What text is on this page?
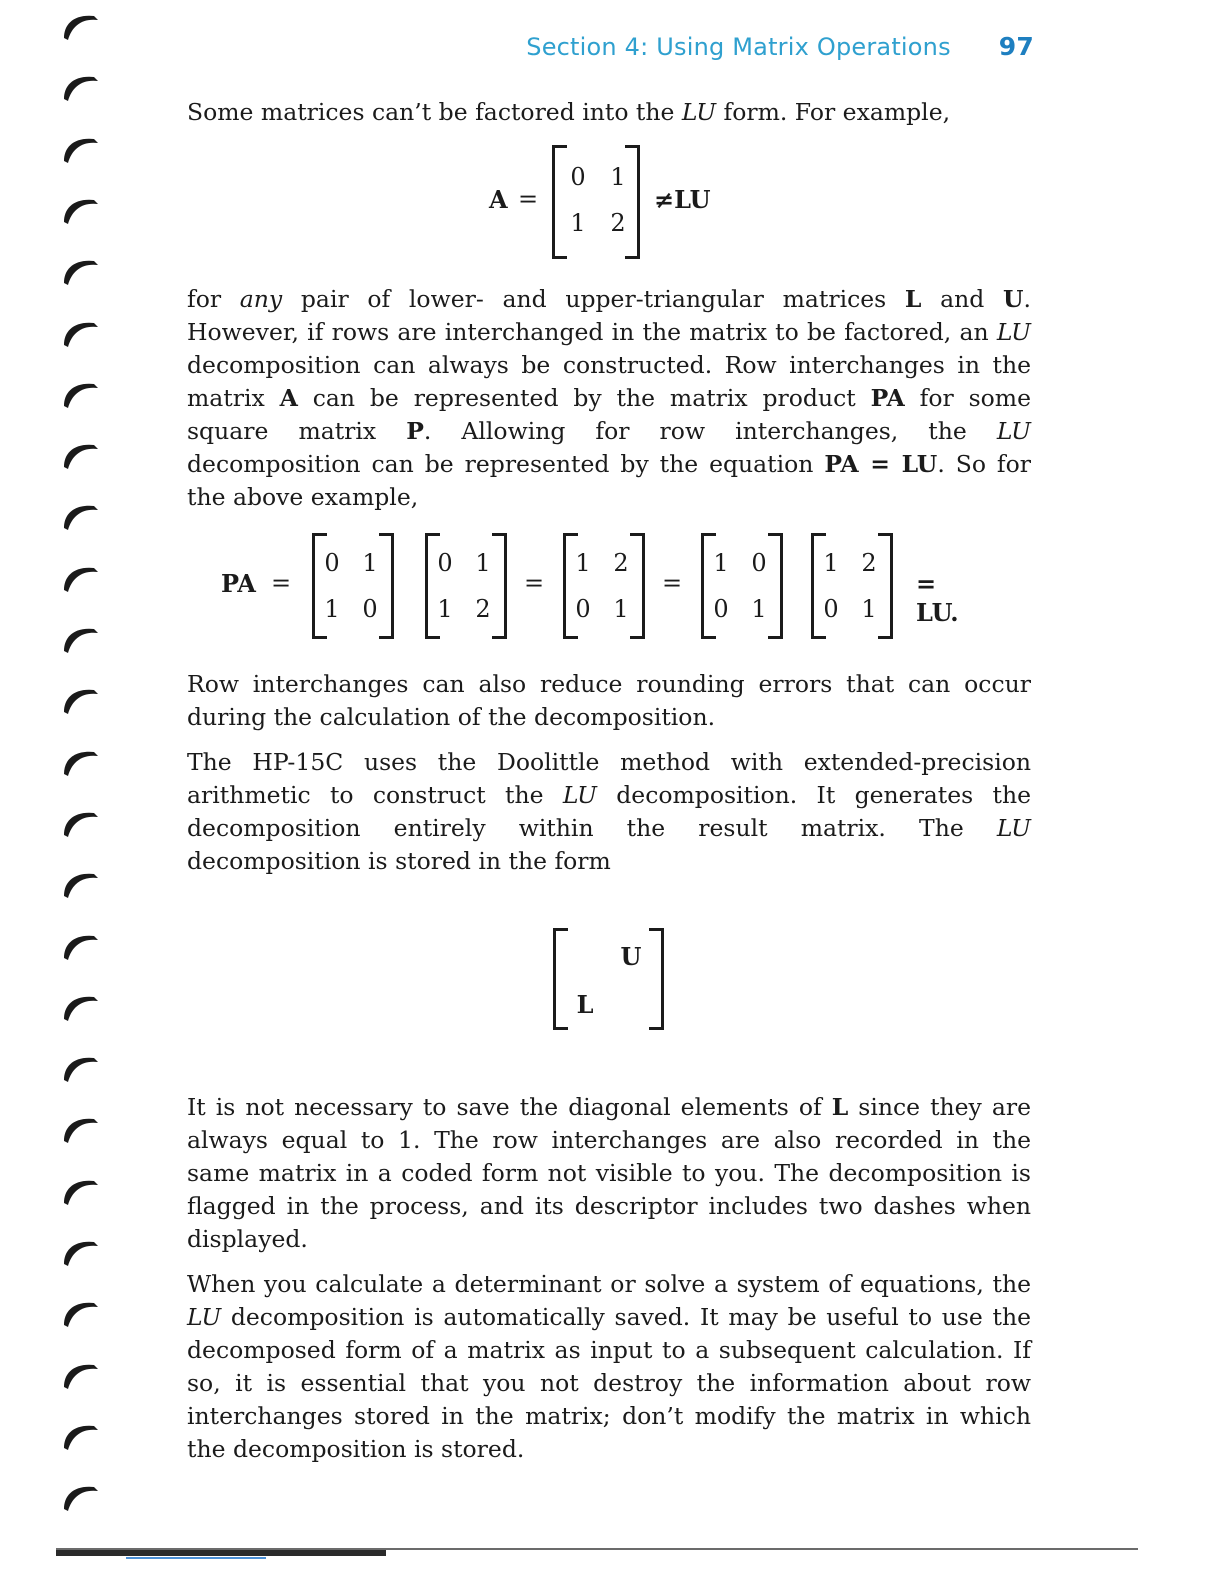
Section 4: Using Matrix Operations 97

Some matrices can’t be factored into the LU form. For example,

A =
0 1
1 2
≠LU

for any pair of lower- and upper-triangular matrices L and U. However, if rows are interchanged in the matrix to be factored, an LU decomposition can always be constructed. Row interchanges in the matrix A can be represented by the matrix product PA for some square matrix P. Allowing for row interchanges, the LU decomposition can be represented by the equation PA = LU. So for the above example,

PA =
0 1
1 0
0 1
1 2
=
1 2
0 1
=
1 0
0 1
1 2
0 1
= LU.

Row interchanges can also reduce rounding errors that can occur during the calculation of the decomposition.

The HP-15C uses the Doolittle method with extended-precision arithmetic to construct the LU decomposition. It generates the decomposition entirely within the result matrix. The LU decomposition is stored in the form

U
L

It is not necessary to save the diagonal elements of L since they are always equal to 1. The row interchanges are also recorded in the same matrix in a coded form not visible to you. The decomposition is flagged in the process, and its descriptor includes two dashes when displayed.

When you calculate a determinant or solve a system of equations, the LU decomposition is automatically saved. It may be useful to use the decomposed form of a matrix as input to a subsequent calculation. If so, it is essential that you not destroy the information about row interchanges stored in the matrix; don’t modify the matrix in which the decomposition is stored.
